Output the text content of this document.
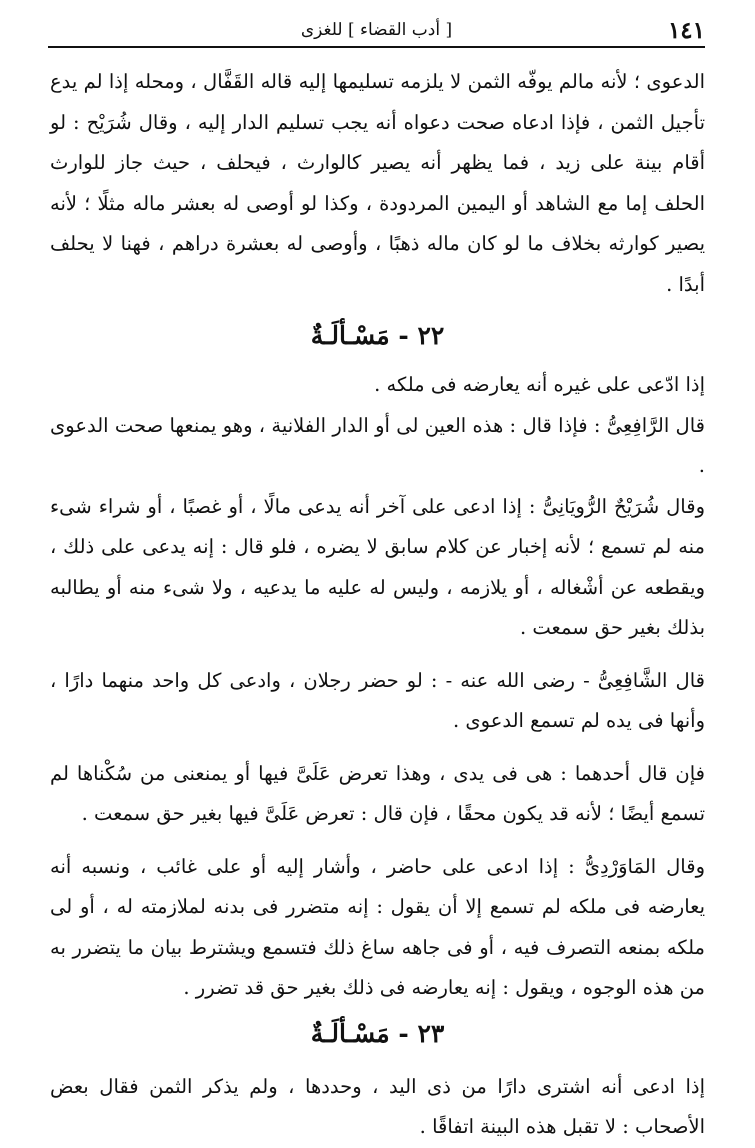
[ أدب القضاء ] للغزى	١٤١

الدعوى ؛ لأنه مالم يوفّه الثمن لا يلزمه تسليمها إليه قاله القَفَّال ، ومحله إذا لم يدع تأجيل الثمن ، فإذا ادعاه صحت دعواه أنه يجب تسليم الدار إليه ، وقال شُرَيْح : لو أقام بينة على زيد ، فما يظهر أنه يصير كالوارث ، فيحلف ، حيث جاز للوارث الحلف إما مع الشاهد أو اليمين المردودة ، وكذا لو أوصى له بعشر ماله مثلًا ؛ لأنه يصير كوارثه بخلاف ما لو كان ماله ذهبًا ، وأوصى له بعشرة دراهم ، فهنا لا يحلف أبدًا .

٢٢ - مَسْـألَـةٌ

إذا ادّعى على غيره أنه يعارضه فى ملكه .

قال الرَّافِعِىُّ : فإذا قال : هذه العين لى أو الدار الفلانية ، وهو يمنعها صحت الدعوى .

وقال شُرَيْحٌ الرُّويَانِىُّ : إذا ادعى على آخر أنه يدعى مالًا ، أو غصبًا ، أو شراء شىء منه لم تسمع ؛ لأنه إخبار عن كلام سابق لا يضره ، فلو قال : إنه يدعى على ذلك ، ويقطعه عن أشْغاله ، أو يلازمه ، وليس له عليه ما يدعيه ، ولا شىء منه أو يطالبه بذلك بغير حق سمعت .

قال الشَّافِعِىُّ - رضى الله عنه - : لو حضر رجلان ، وادعى كل واحد منهما دارًا ، وأنها فى يده لم تسمع الدعوى .

فإن قال أحدهما : هى فى يدى ، وهذا تعرض عَلَىَّ فيها أو يمنعنى من سُكْناها لم تسمع أيضًا ؛ لأنه قد يكون محقًا ، فإن قال : تعرض عَلَىَّ فيها بغير حق سمعت .

وقال المَاوَرْدِىُّ : إذا ادعى على حاضر ، وأشار إليه أو على غائب ، ونسبه أنه يعارضه فى ملكه لم تسمع إلا أن يقول : إنه متضرر فى بدنه لملازمته له ، أو لى ملكه بمنعه التصرف فيه ، أو فى جاهه ساغ ذلك فتسمع ويشترط بيان ما يتضرر به من هذه الوجوه ، ويقول : إنه يعارضه فى ذلك بغير حق قد تضرر .

٢٣ - مَسْـألَـةٌ

إذا ادعى أنه اشترى دارًا من ذى اليد ، وحددها ، ولم يذكر الثمن فقال بعض الأصحاب : لا تقبل هذه البينة اتفاقًا .
